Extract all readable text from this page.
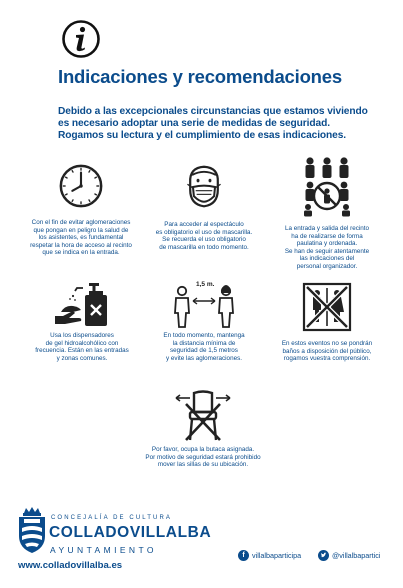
Indicaciones y recomendaciones
Debido a las excepcionales circunstancias que estamos viviendo
es necesario adoptar una serie de medidas de seguridad.
Rogamos su lectura y el cumplimiento de esas indicaciones.
Con el fin de evitar aglomeraciones
que pongan en peligro la salud de
los asistentes, es fundamental
respetar la hora de acceso al recinto
que se indica en la entrada.
Para acceder al espectáculo
es obligatorio el uso de mascarilla.
Se recuerda el uso obligatorio
de mascarilla en todo momento.
La entrada y salida del recinto
ha de realizarse de forma
paulatina y ordenada.
Se han de seguir atentamente
las indicaciones del
personal organizador.
Usa los dispensadores
de gel hidroalcohólico con
frecuencia. Están en las entradas
y zonas comunes.
1,5 m.
En todo momento, mantenga
la distancia mínima de
seguridad de 1,5 metros
y evite las aglomeraciones.
En estos eventos no se pondrán
baños a disposición del público,
rogamos vuestra comprensión.
Por favor, ocupa la butaca asignada.
Por motivo de seguridad estará prohibido
mover las sillas de su ubicación.
CONCEJALÍA DE CULTURA
COLLADOVILLALBA
AYUNTAMIENTO
www.colladovillalba.es
f	villalbaparticipa	@villalbapartici
